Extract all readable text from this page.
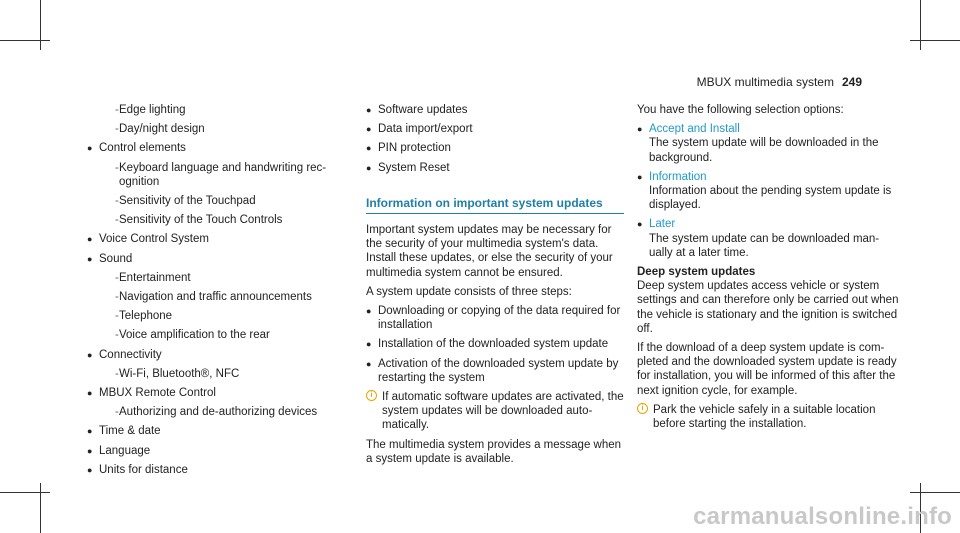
MBUX multimedia system 249
- Edge lighting
- Day/night design
● Control elements
- Keyboard language and handwriting rec-ognition
- Sensitivity of the Touchpad
- Sensitivity of the Touch Controls
● Voice Control System
● Sound
- Entertainment
- Navigation and traffic announcements
- Telephone
- Voice amplification to the rear
● Connectivity
- Wi-Fi, Bluetooth®, NFC
● MBUX Remote Control
- Authorizing and de-authorizing devices
● Time & date
● Language
● Units for distance
● Software updates
● Data import/export
● PIN protection
● System Reset
Information on important system updates

Important system updates may be necessary for the security of your multimedia system's data. Install these updates, or else the security of your multimedia system cannot be ensured.

A system update consists of three steps:

● Downloading or copying of the data required for installation
● Installation of the downloaded system update
● Activation of the downloaded system update by restarting the system
i If automatic software updates are activated, the system updates will be downloaded auto-matically.

The multimedia system provides a message when a system update is available.

You have the following selection options:

● Accept and Install
The system update will be downloaded in the background.
● Information
Information about the pending system update is displayed.
● Later
The system update can be downloaded man-ually at a later time.

Deep system updates

Deep system updates access vehicle or system settings and can therefore only be carried out when the vehicle is stationary and the ignition is switched off.

If the download of a deep system update is com-pleted and the downloaded system update is ready for installation, you will be informed of this after the next ignition cycle, for example.

i Park the vehicle safely in a suitable location before starting the installation.
carmanualsonline.info
